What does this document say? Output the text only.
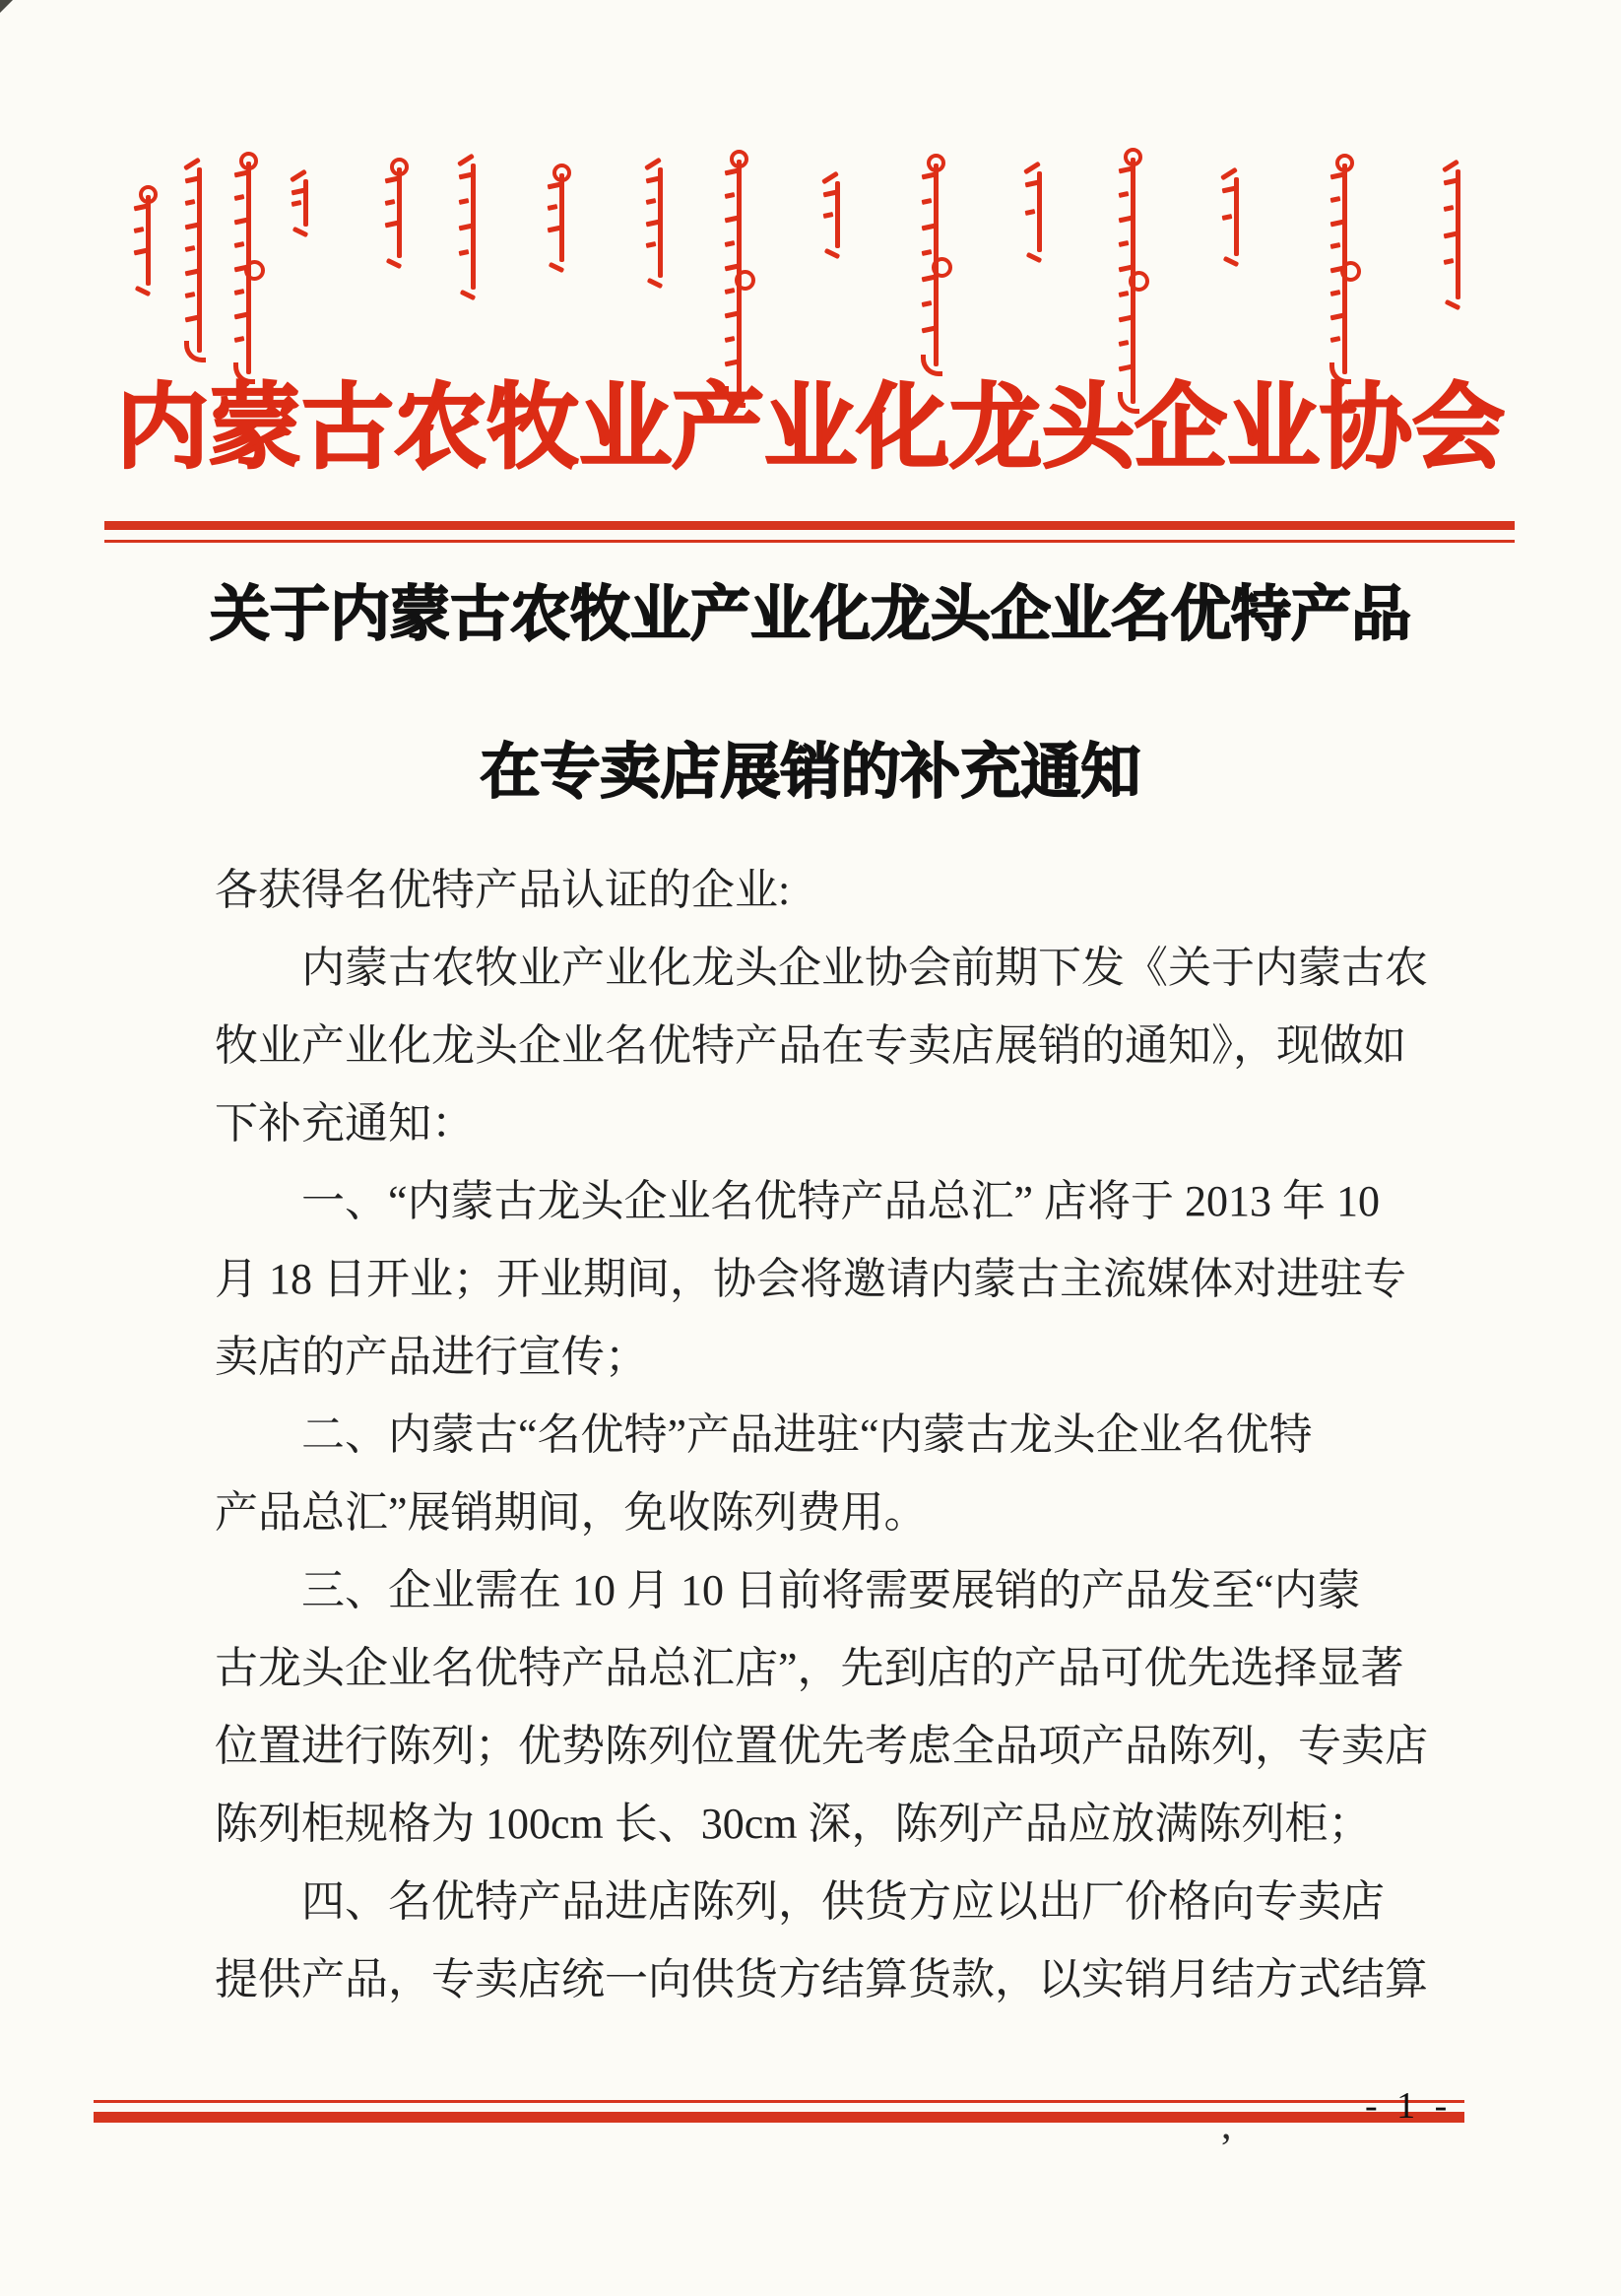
内蒙古农牧业产业化龙头企业协会
关于内蒙古农牧业产业化龙头企业名优特产品
在专卖店展销的补充通知
各获得名优特产品认证的企业:
内蒙古农牧业产业化龙头企业协会前期下发《关于内蒙古农
牧业产业化龙头企业名优特产品在专卖店展销的通知》，现做如
下补充通知：
一、“内蒙古龙头企业名优特产品总汇” 店将于 2013 年 10
月 18 日开业；开业期间，协会将邀请内蒙古主流媒体对进驻专
卖店的产品进行宣传；
二、内蒙古“名优特”产品进驻“内蒙古龙头企业名优特
产品总汇”展销期间，免收陈列费用。
三、企业需在 10 月 10 日前将需要展销的产品发至“内蒙
古龙头企业名优特产品总汇店”，先到店的产品可优先选择显著
位置进行陈列；优势陈列位置优先考虑全品项产品陈列，专卖店
陈列柜规格为 100cm 长、30cm 深，陈列产品应放满陈列柜；
四、名优特产品进店陈列，供货方应以出厂价格向专卖店
提供产品，专卖店统一向供货方结算货款，以实销月结方式结算
- 1 -
,
